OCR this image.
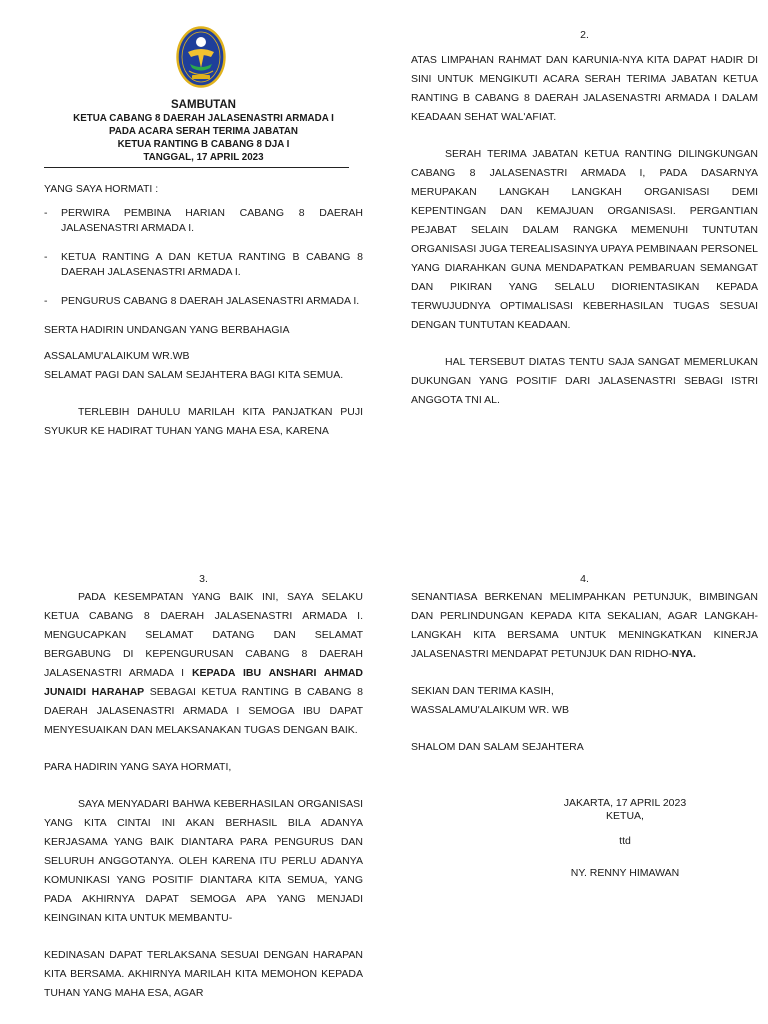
SAMBUTAN

KETUA CABANG 8 DAERAH JALASENASTRI ARMADA I

PADA ACARA SERAH TERIMA JABATAN

KETUA RANTING B CABANG 8 DJA I

TANGGAL, 17 APRIL 2023

YANG SAYA HORMATI :

- PERWIRA PEMBINA HARIAN CABANG 8 DAERAH JALASENASTRI ARMADA I.
- KETUA RANTING A DAN KETUA RANTING B CABANG 8 DAERAH JALASENASTRI ARMADA I.
- PENGURUS CABANG 8 DAERAH JALASENASTRI ARMADA I.

SERTA HADIRIN UNDANGAN YANG BERBAHAGIA

ASSALAMU'ALAIKUM WR.WB

SELAMAT PAGI DAN SALAM SEJAHTERA BAGI KITA SEMUA.

TERLEBIH DAHULU MARILAH KITA PANJATKAN PUJI SYUKUR KE HADIRAT TUHAN YANG MAHA ESA, KARENA

2.

ATAS LIMPAHAN RAHMAT DAN KARUNIA-NYA KITA DAPAT HADIR DI SINI UNTUK MENGIKUTI ACARA SERAH TERIMA JABATAN KETUA RANTING B CABANG 8 DAERAH JALASENASTRI ARMADA I DALAM KEADAAN SEHAT WAL'AFIAT.

SERAH TERIMA JABATAN KETUA RANTING DILINGKUNGAN CABANG 8 JALASENASTRI ARMADA I, PADA DASARNYA MERUPAKAN LANGKAH LANGKAH ORGANISASI DEMI KEPENTINGAN DAN KEMAJUAN ORGANISASI. PERGANTIAN PEJABAT SELAIN DALAM RANGKA MEMENUHI TUNTUTAN ORGANISASI JUGA TEREALISASINYA UPAYA PEMBINAAN PERSONEL YANG DIARAHKAN GUNA MENDAPATKAN PEMBARUAN SEMANGAT DAN PIKIRAN YANG SELALU DIORIENTASIKAN KEPADA TERWUJUDNYA OPTIMALISASI KEBERHASILAN TUGAS SESUAI DENGAN TUNTUTAN KEADAAN.

HAL TERSEBUT DIATAS TENTU SAJA SANGAT MEMERLUKAN DUKUNGAN YANG POSITIF DARI JALASENASTRI SEBAGI ISTRI ANGGOTA TNI AL.

3.

PADA KESEMPATAN YANG BAIK INI, SAYA SELAKU KETUA CABANG 8 DAERAH JALASENASTRI ARMADA I. MENGUCAPKAN SELAMAT DATANG DAN SELAMAT BERGABUNG DI KEPENGURUSAN CABANG 8 DAERAH JALASENASTRI ARMADA I KEPADA IBU ANSHARI AHMAD JUNAIDI HARAHAP SEBAGAI KETUA RANTING B CABANG 8 DAERAH JALASENASTRI ARMADA I SEMOGA IBU DAPAT MENYESUAIKAN DAN MELAKSANAKAN TUGAS DENGAN BAIK.

PARA HADIRIN YANG SAYA HORMATI,

SAYA MENYADARI BAHWA KEBERHASILAN ORGANISASI YANG KITA CINTAI INI AKAN BERHASIL BILA ADANYA KERJASAMA YANG BAIK DIANTARA PARA PENGURUS DAN SELURUH ANGGOTANYA. OLEH KARENA ITU PERLU ADANYA KOMUNIKASI YANG POSITIF DIANTARA KITA SEMUA, YANG PADA AKHIRNYA DAPAT SEMOGA APA YANG MENJADI KEINGINAN KITA UNTUK MEMBANTU-

KEDINASAN DAPAT TERLAKSANA SESUAI DENGAN HARAPAN KITA BERSAMA. AKHIRNYA MARILAH KITA MEMOHON KEPADA TUHAN YANG MAHA ESA, AGAR

4.

SENANTIASA BERKENAN MELIMPAHKAN PETUNJUK, BIMBINGAN DAN PERLINDUNGAN KEPADA KITA SEKALIAN, AGAR LANGKAH-LANGKAH KITA BERSAMA UNTUK MENINGKATKAN KINERJA JALASENASTRI MENDAPAT PETUNJUK DAN RIDHO-NYA.

SEKIAN DAN TERIMA KASIH,

WASSALAMU'ALAIKUM WR. WB

SHALOM DAN SALAM SEJAHTERA

JAKARTA, 17 APRIL 2023

KETUA,

ttd

NY. RENNY HIMAWAN
